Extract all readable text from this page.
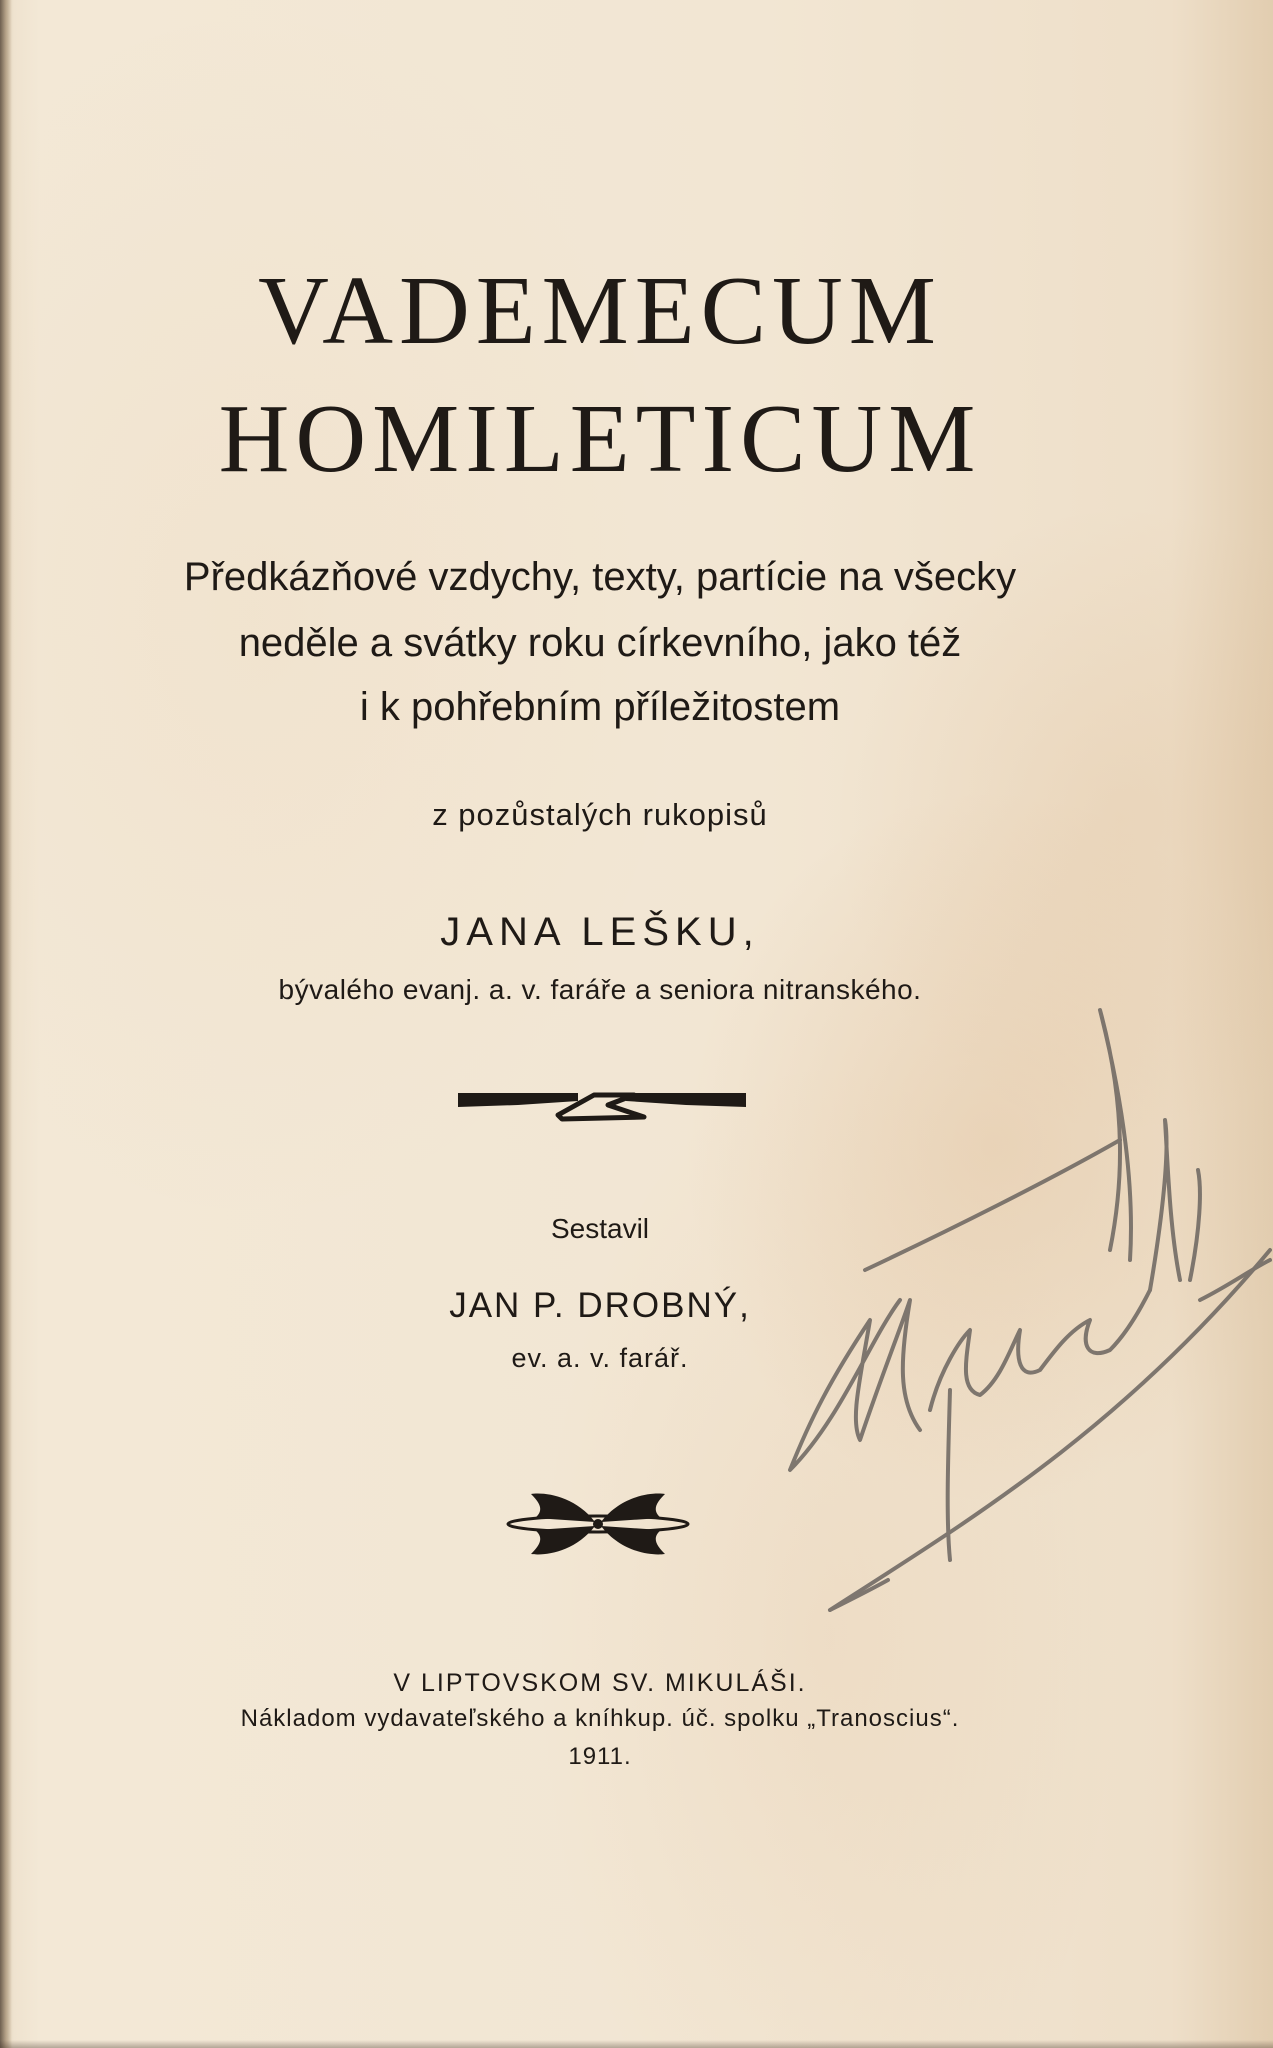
VADEMECUM
HOMILETICUM
Předkázňové vzdychy, texty, partície na všecky
neděle a svátky roku církevního, jako též
i k pohřebním příležitostem
z pozůstalých rukopisů
JANA LEŠKU,
bývalého evanj. a. v. faráře a seniora nitranského.
Sestavil
JAN P. DROBNÝ,
ev. a. v. farář.
V LIPTOVSKOM SV. MIKULÁŠI.
Nákladom vydavateľského a kníhkup. úč. spolku „Tranoscius“.
1911.
